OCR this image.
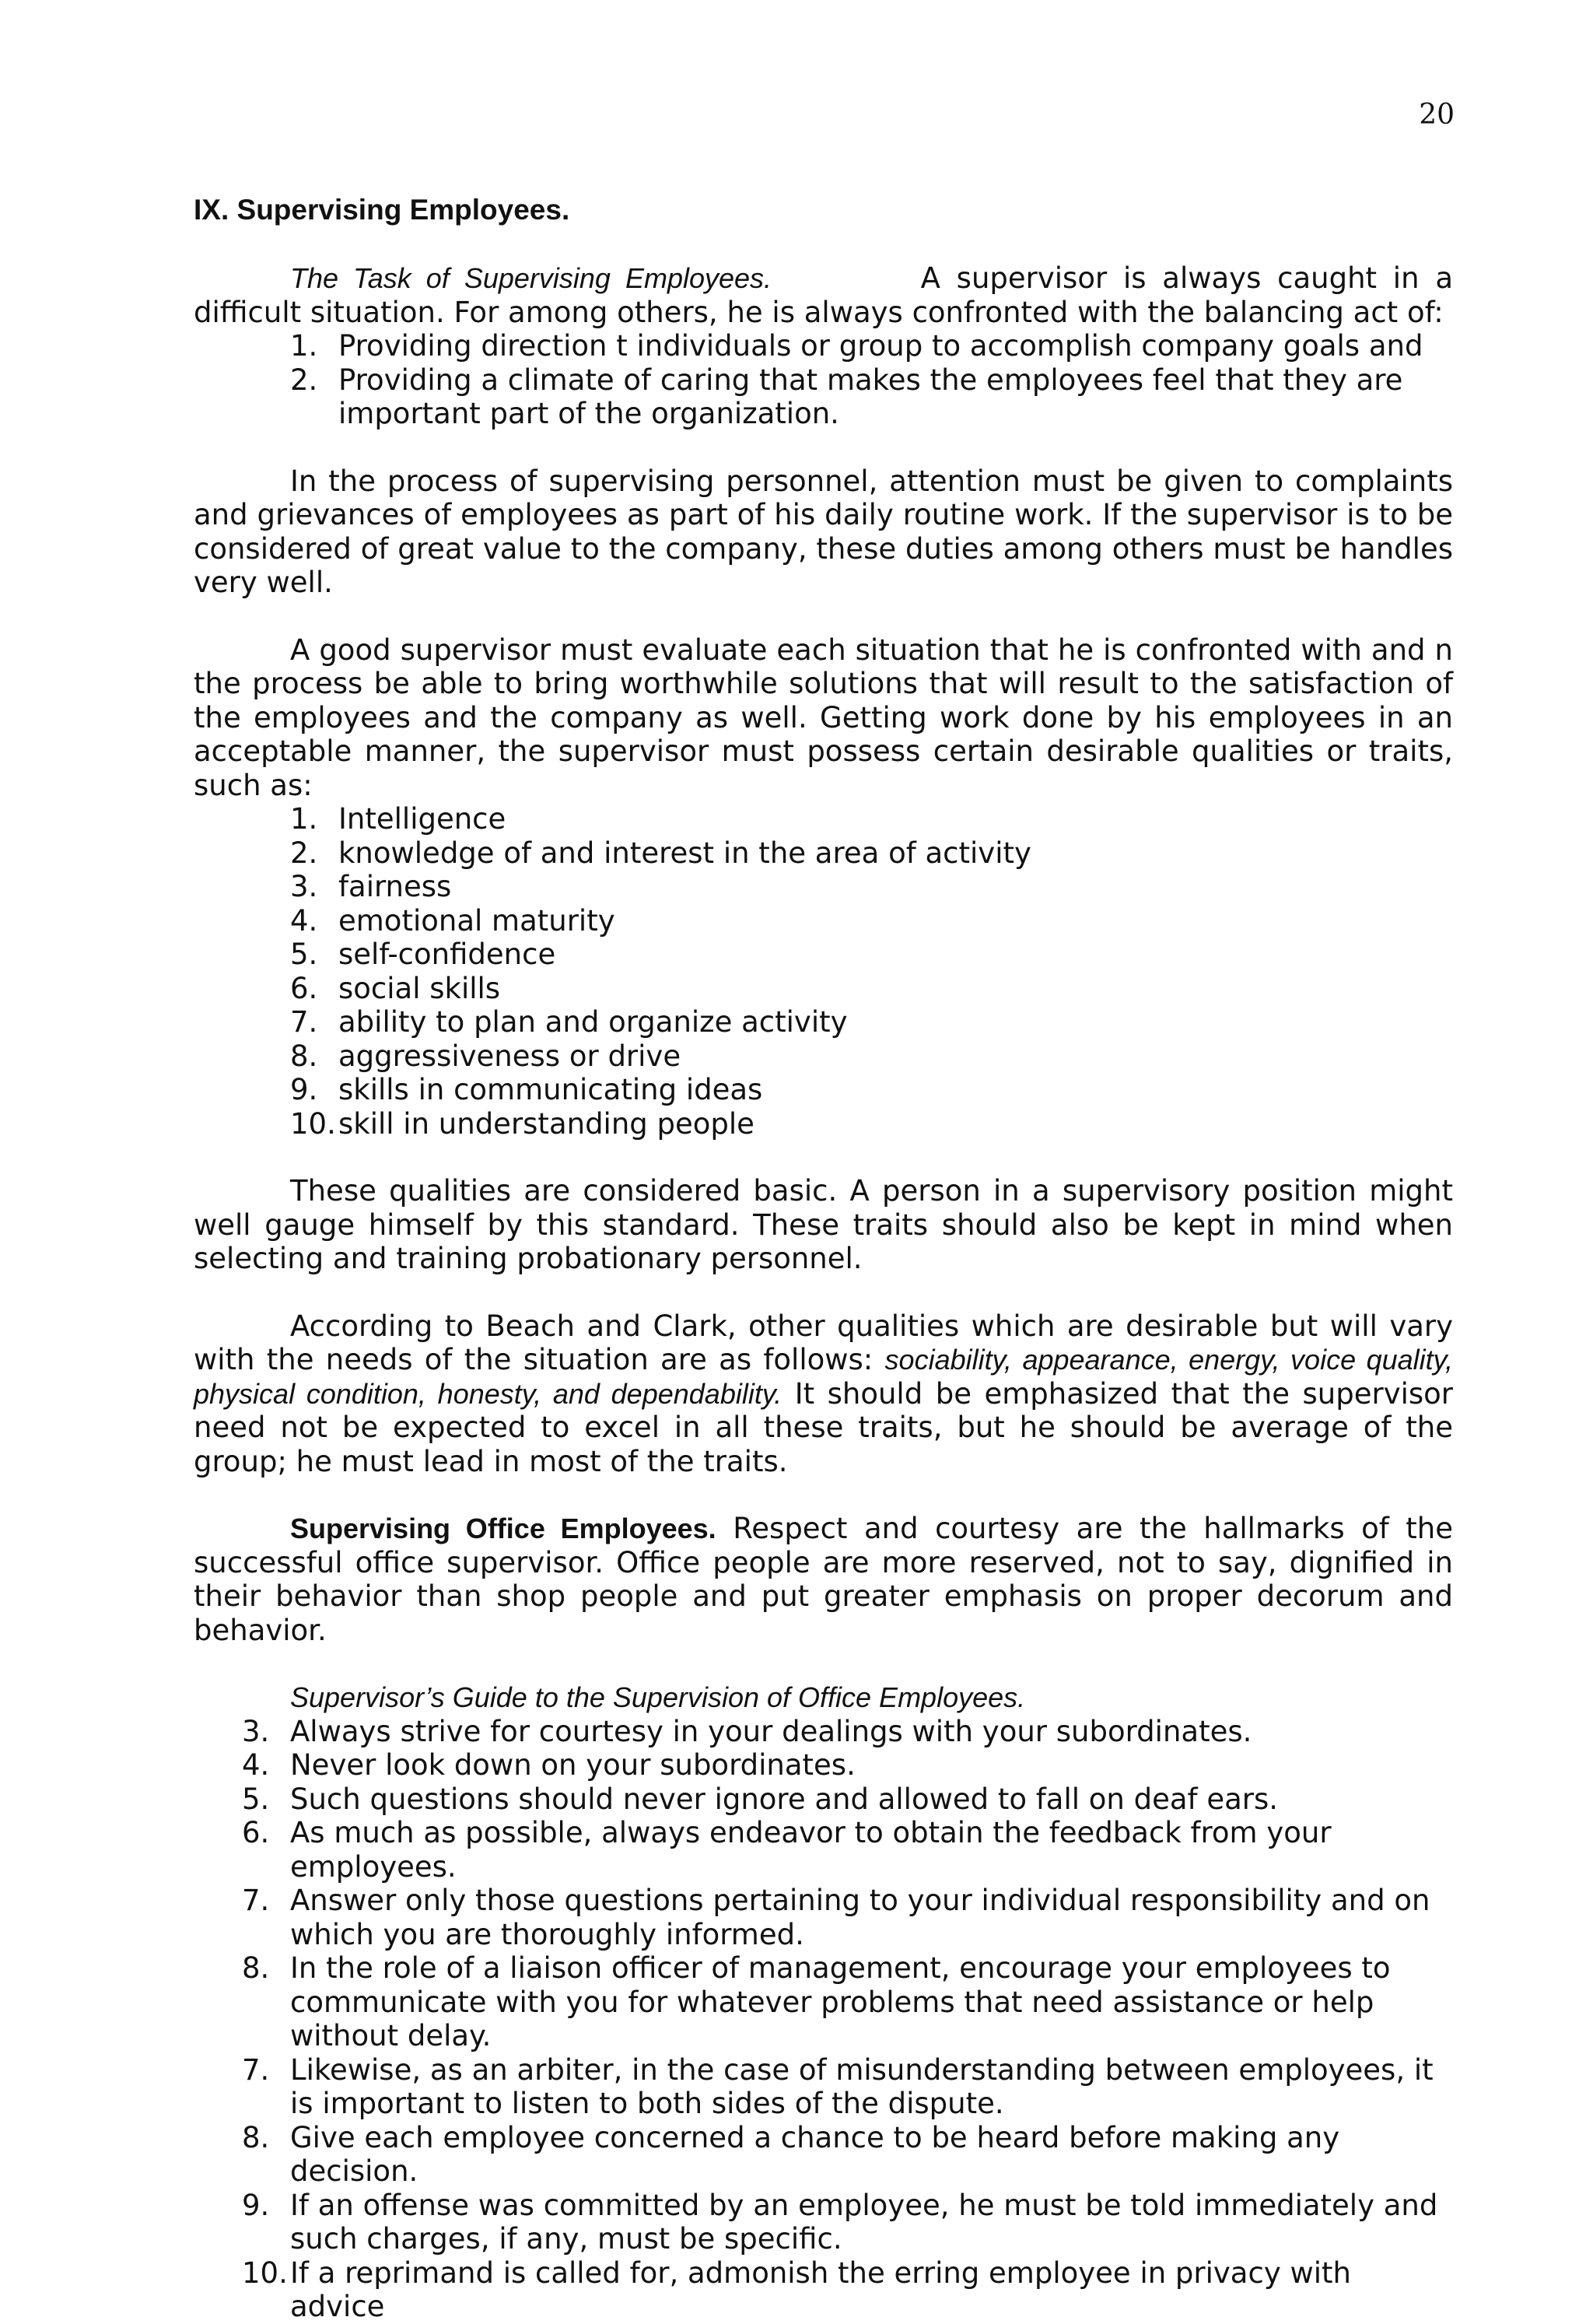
20
IX. Supervising Employees.

The Task of Supervising Employees.	A supervisor is always caught in a difficult situation. For among others, he is always confronted with the balancing act of:

1. Providing direction t individuals or group to accomplish company goals and
2. Providing a climate of caring that makes the employees feel that they are important part of the organization.

In the process of supervising personnel, attention must be given to complaints and grievances of employees as part of his daily routine work. If the supervisor is to be considered of great value to the company, these duties among others must be handles very well.

A good supervisor must evaluate each situation that he is confronted with and n the process be able to bring worthwhile solutions that will result to the satisfaction of the employees and the company as well. Getting work done by his employees in an acceptable manner, the supervisor must possess certain desirable qualities or traits, such as:

1. Intelligence
2. knowledge of and interest in the area of activity
3. fairness
4. emotional maturity
5. self-confidence
6. social skills
7. ability to plan and organize activity
8. aggressiveness or drive
9. skills in communicating ideas
10. skill in understanding people

These qualities are considered basic. A person in a supervisory position might well gauge himself by this standard. These traits should also be kept in mind when selecting and training probationary personnel.

According to Beach and Clark, other qualities which are desirable but will vary with the needs of the situation are as follows: sociability, appearance, energy, voice quality, physical condition, honesty, and dependability. It should be emphasized that the supervisor need not be expected to excel in all these traits, but he should be average of the group; he must lead in most of the traits.

Supervising Office Employees. Respect and courtesy are the hallmarks of the successful office supervisor. Office people are more reserved, not to say, dignified in their behavior than shop people and put greater emphasis on proper decorum and behavior.

Supervisor’s Guide to the Supervision of Office Employees.
3. Always strive for courtesy in your dealings with your subordinates.
4. Never look down on your subordinates.
5. Such questions should never ignore and allowed to fall on deaf ears.
6. As much as possible, always endeavor to obtain the feedback from your employees.
7. Answer only those questions pertaining to your individual responsibility and on which you are thoroughly informed.
8. In the role of a liaison officer of management, encourage your employees to communicate with you for whatever problems that need assistance or help without delay.
7. Likewise, as an arbiter, in the case of misunderstanding between employees, it is important to listen to both sides of the dispute.
8. Give each employee concerned a chance to be heard before making any decision.
9. If an offense was committed by an employee, he must be told immediately and such charges, if any, must be specific.
10. If a reprimand is called for, admonish the erring employee in privacy with advice
